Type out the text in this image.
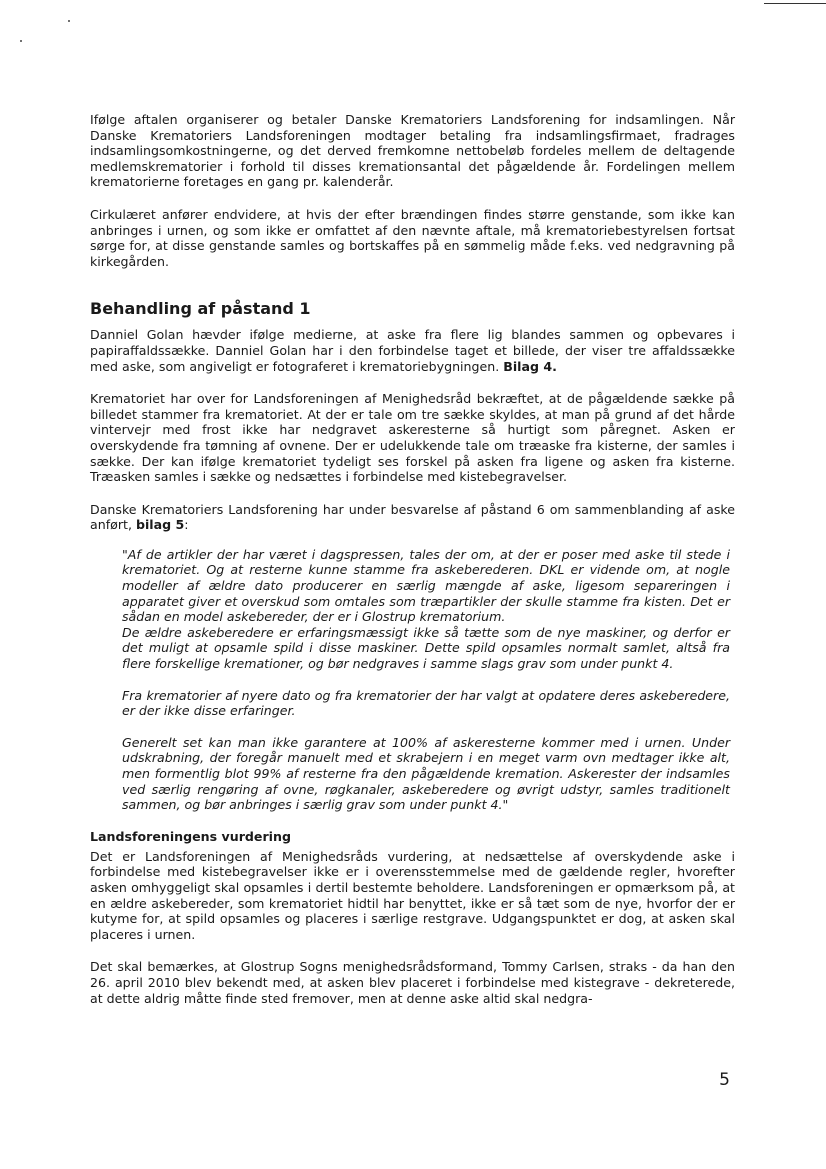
Ifølge aftalen organiserer og betaler Danske Krematoriers Landsforening for indsamlingen. Når Danske Krematoriers Landsforeningen modtager betaling fra indsamlingsfirmaet, fradrages indsamlingsomkostningerne, og det derved fremkomne nettobeløb fordeles mellem de deltagende medlemskrematorier i forhold til disses kremationsantal det pågældende år. Fordelingen mellem krematorierne foretages en gang pr. kalenderår.

Cirkulæret anfører endvidere, at hvis der efter brændingen findes større genstande, som ikke kan anbringes i urnen, og som ikke er omfattet af den nævnte aftale, må krematoriebestyrelsen fortsat sørge for, at disse genstande samles og bortskaffes på en sømmelig måde f.eks. ved nedgravning på kirkegården.

Behandling af påstand 1

Danniel Golan hævder ifølge medierne, at aske fra flere lig blandes sammen og opbevares i papiraffaldssække. Danniel Golan har i den forbindelse taget et billede, der viser tre affaldssække med aske, som angiveligt er fotograferet i krematoriebygningen. Bilag 4.

Krematoriet har over for Landsforeningen af Menighedsråd bekræftet, at de pågældende sække på billedet stammer fra krematoriet. At der er tale om tre sække skyldes, at man på grund af det hårde vintervejr med frost ikke har nedgravet askeresterne så hurtigt som påregnet. Asken er overskydende fra tømning af ovnene. Der er udelukkende tale om træaske fra kisterne, der samles i sække. Der kan ifølge krematoriet tydeligt ses forskel på asken fra ligene og asken fra kisterne. Træasken samles i sække og nedsættes i forbindelse med kistebegravelser.

Danske Krematoriers Landsforening har under besvarelse af påstand 6 om sammenblanding af aske anført, bilag 5:

"Af de artikler der har været i dagspressen, tales der om, at der er poser med aske til stede i krematoriet. Og at resterne kunne stamme fra askeberederen. DKL er vidende om, at nogle modeller af ældre dato producerer en særlig mængde af aske, ligesom separeringen i apparatet giver et overskud som omtales som træpartikler der skulle stamme fra kisten. Det er sådan en model askebereder, der er i Glostrup krematorium.

De ældre askeberedere er erfaringsmæssigt ikke så tætte som de nye maskiner, og derfor er det muligt at opsamle spild i disse maskiner. Dette spild opsamles normalt samlet, altså fra flere forskellige kremationer, og bør nedgraves i samme slags grav som under punkt 4.

Fra krematorier af nyere dato og fra krematorier der har valgt at opdatere deres askeberedere, er der ikke disse erfaringer.

Generelt set kan man ikke garantere at 100% af askeresterne kommer med i urnen. Under udskrabning, der foregår manuelt med et skrabejern i en meget varm ovn medtager ikke alt, men formentlig blot 99% af resterne fra den pågældende kremation. Askerester der indsamles ved særlig rengøring af ovne, røgkanaler, askeberedere og øvrigt udstyr, samles traditionelt sammen, og bør anbringes i særlig grav som under punkt 4."

Landsforeningens vurdering

Det er Landsforeningen af Menighedsråds vurdering, at nedsættelse af overskydende aske i forbindelse med kistebegravelser ikke er i overensstemmelse med de gældende regler, hvorefter asken omhyggeligt skal opsamles i dertil bestemte beholdere. Landsforeningen er opmærksom på, at en ældre askebereder, som krematoriet hidtil har benyttet, ikke er så tæt som de nye, hvorfor der er kutyme for, at spild opsamles og placeres i særlige restgrave. Udgangspunktet er dog, at asken skal placeres i urnen.

Det skal bemærkes, at Glostrup Sogns menighedsrådsformand, Tommy Carlsen, straks - da han den 26. april 2010 blev bekendt med, at asken blev placeret i forbindelse med kistegrave - dekreterede, at dette aldrig måtte finde sted fremover, men at denne aske altid skal nedgra-

5
